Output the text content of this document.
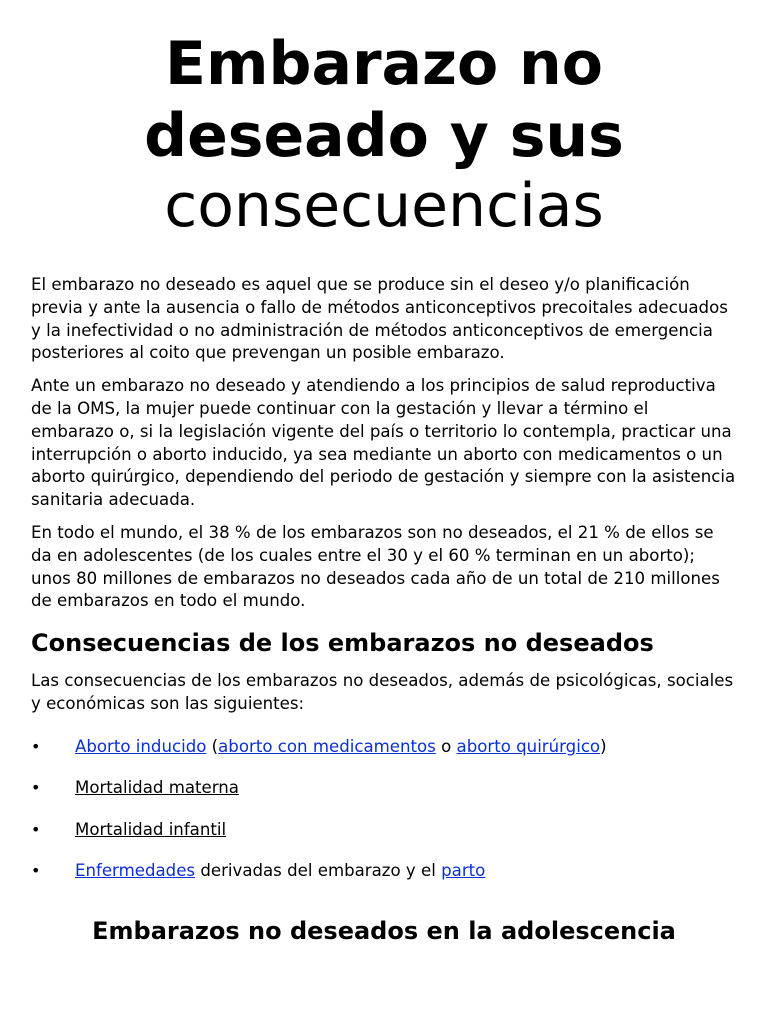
Embarazo no
deseado y sus
consecuencias

El embarazo no deseado es aquel que se produce sin el deseo y/o planificación previa y ante la ausencia o fallo de métodos anticonceptivos precoitales adecuados y la inefectividad o no administración de métodos anticonceptivos de emergencia posteriores al coito que prevengan un posible embarazo.

Ante un embarazo no deseado y atendiendo a los principios de salud reproductiva de la OMS, la mujer puede continuar con la gestación y llevar a término el embarazo o, si la legislación vigente del país o territorio lo contempla, practicar una interrupción o aborto inducido, ya sea mediante un aborto con medicamentos o un aborto quirúrgico, dependiendo del periodo de gestación y siempre con la asistencia sanitaria adecuada.

En todo el mundo, el 38 % de los embarazos son no deseados, el 21 % de ellos se da en adolescentes (de los cuales entre el 30 y el 60 % terminan en un aborto); unos 80 millones de embarazos no deseados cada año de un total de 210 millones de embarazos en todo el mundo.

Consecuencias de los embarazos no deseados

Las consecuencias de los embarazos no deseados, además de psicológicas, sociales y económicas son las siguientes:

• Aborto inducido (aborto con medicamentos o aborto quirúrgico)
• Mortalidad materna
• Mortalidad infantil
• Enfermedades derivadas del embarazo y el parto
Embarazos no deseados en la adolescencia
